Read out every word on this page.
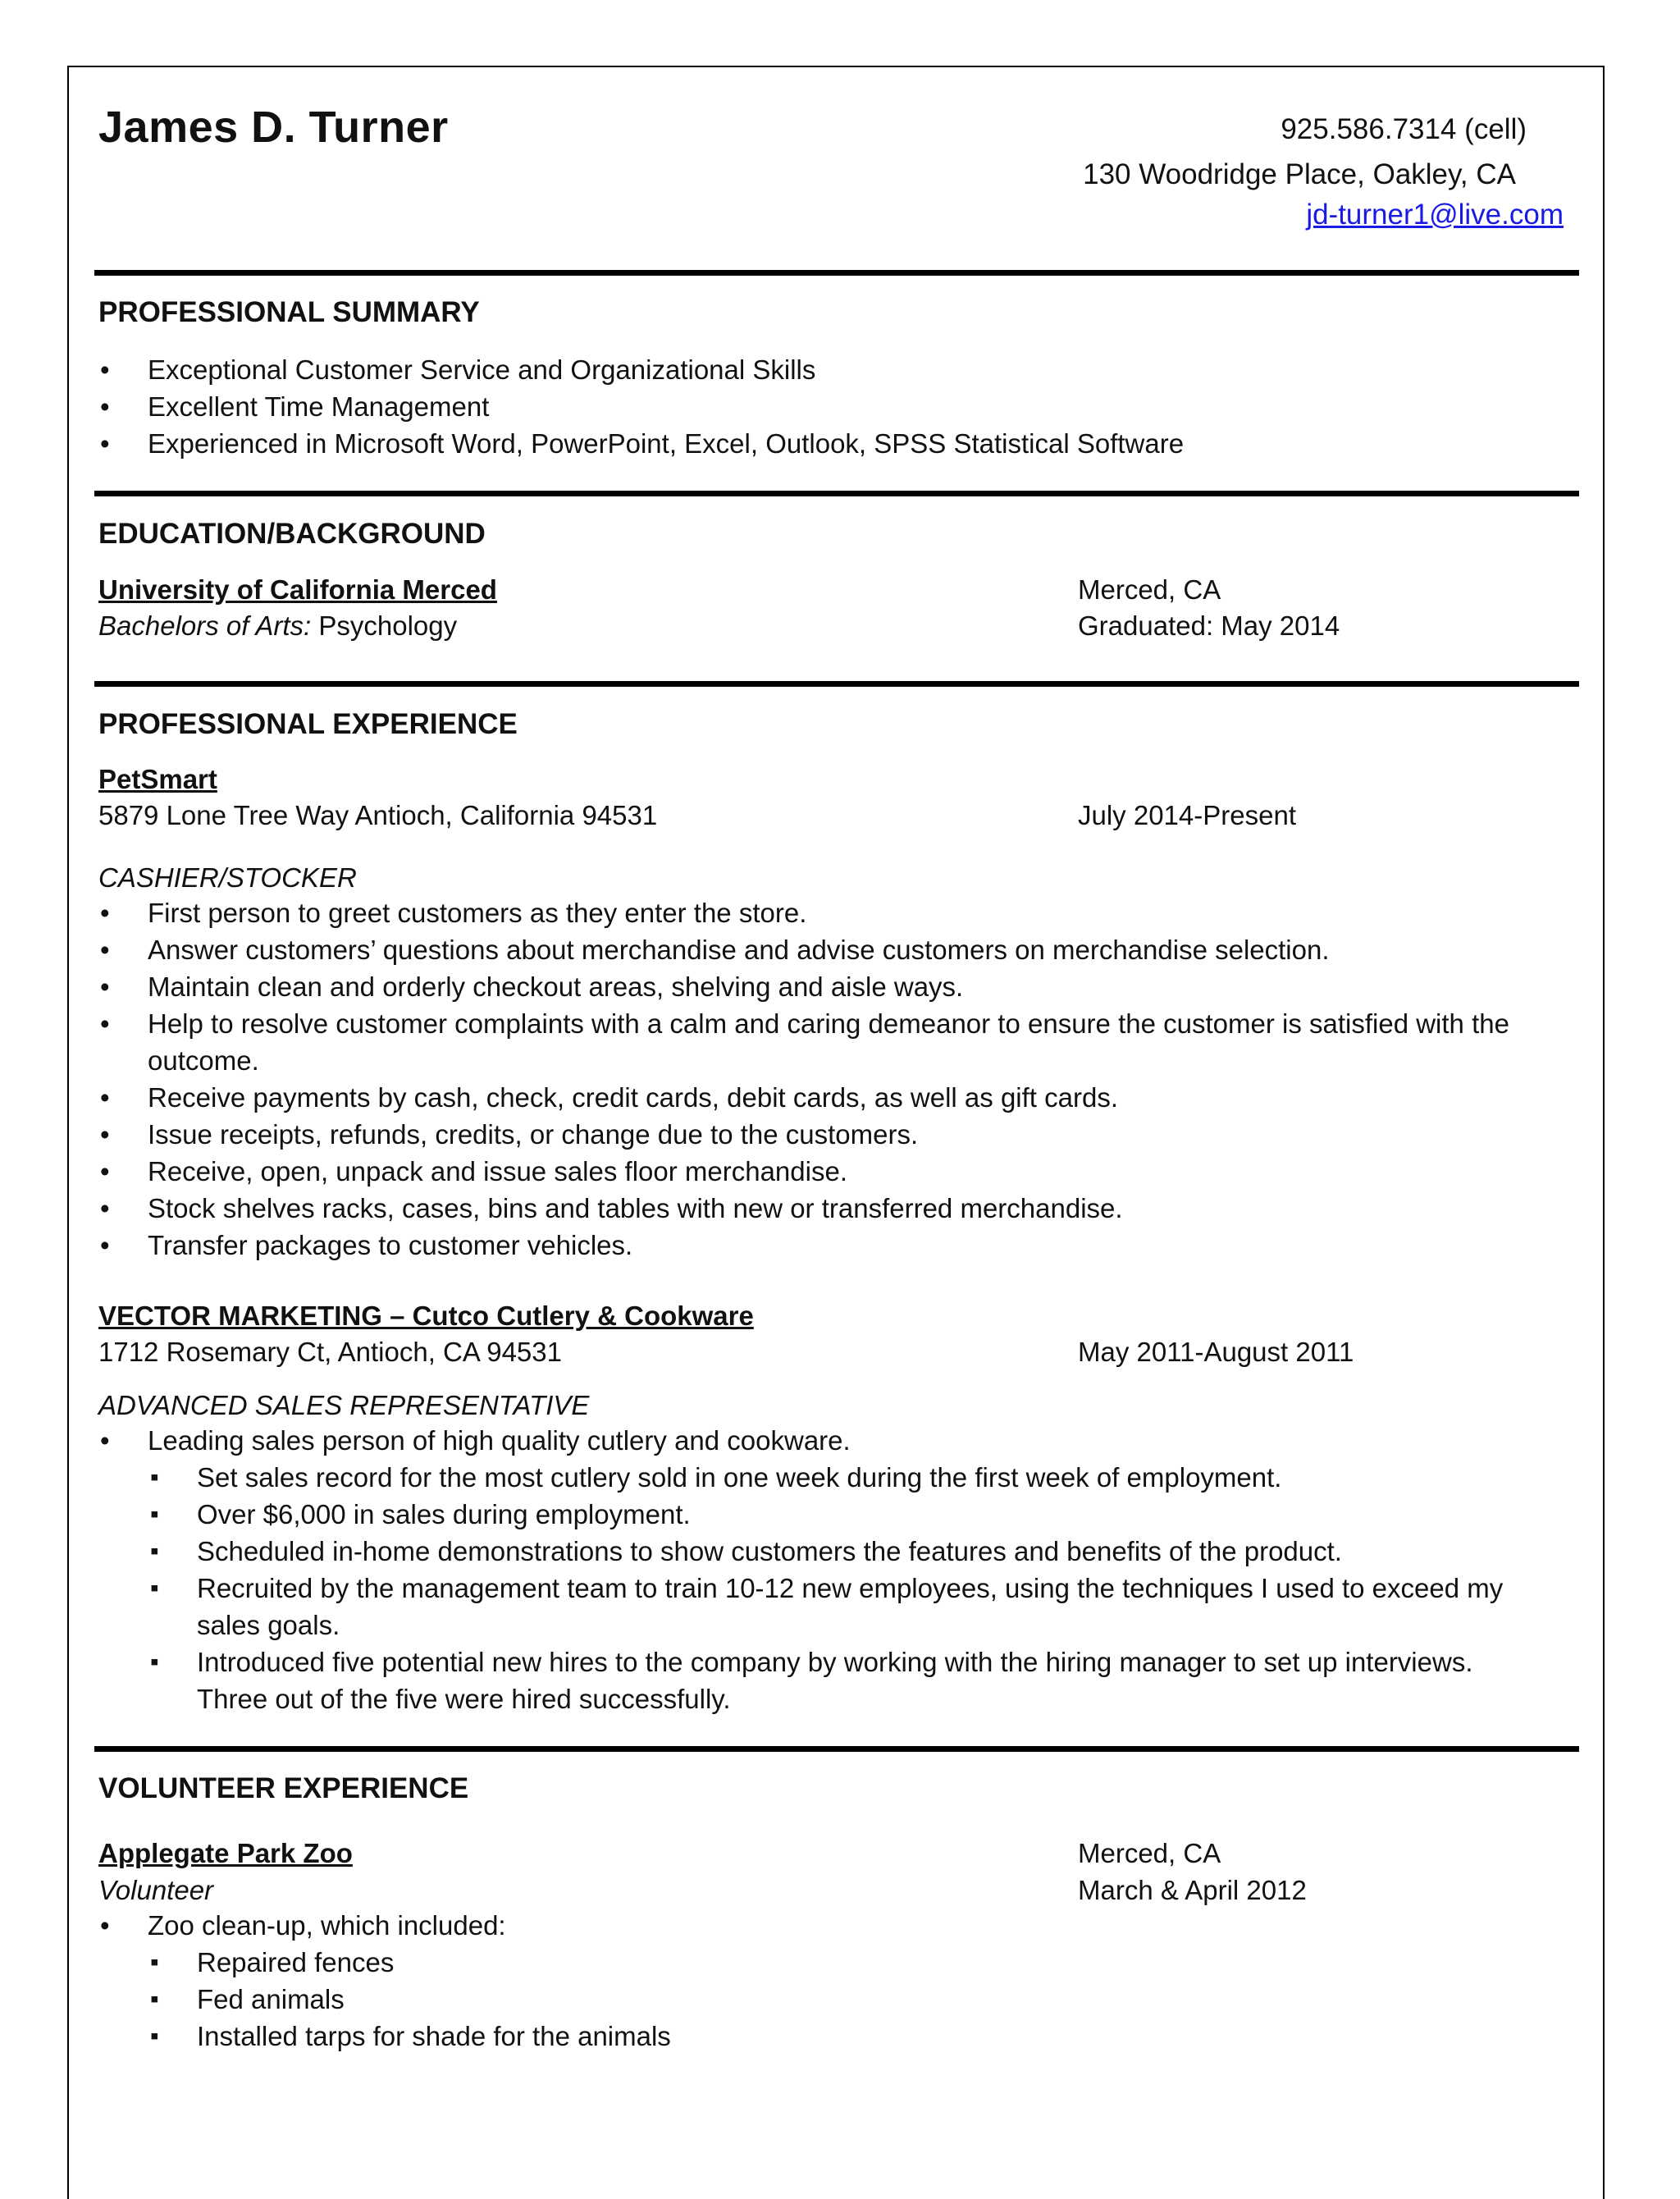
James D. Turner	925.586.7314 (cell)
130 Woodridge Place, Oakley, CA
jd-turner1@live.com
PROFESSIONAL SUMMARY
• Exceptional Customer Service and Organizational Skills
• Excellent Time Management
• Experienced in Microsoft Word, PowerPoint, Excel, Outlook, SPSS Statistical Software
EDUCATION/BACKGROUND
University of California Merced	Merced, CA
Bachelors of Arts: Psychology	Graduated: May 2014
PROFESSIONAL EXPERIENCE
PetSmart
5879 Lone Tree Way Antioch, California 94531	July 2014-Present
CASHIER/STOCKER
• First person to greet customers as they enter the store.
• Answer customers’ questions about merchandise and advise customers on merchandise selection.
• Maintain clean and orderly checkout areas, shelving and aisle ways.
• Help to resolve customer complaints with a calm and caring demeanor to ensure the customer is satisfied with the outcome.
• Receive payments by cash, check, credit cards, debit cards, as well as gift cards.
• Issue receipts, refunds, credits, or change due to the customers.
• Receive, open, unpack and issue sales floor merchandise.
• Stock shelves racks, cases, bins and tables with new or transferred merchandise.
• Transfer packages to customer vehicles.
VECTOR MARKETING – Cutco Cutlery & Cookware
1712 Rosemary Ct, Antioch, CA 94531	May 2011-August 2011
ADVANCED SALES REPRESENTATIVE
• Leading sales person of high quality cutlery and cookware.
▪ Set sales record for the most cutlery sold in one week during the first week of employment.
▪ Over $6,000 in sales during employment.
▪ Scheduled in-home demonstrations to show customers the features and benefits of the product.
▪ Recruited by the management team to train 10-12 new employees, using the techniques I used to exceed my sales goals.
▪ Introduced five potential new hires to the company by working with the hiring manager to set up interviews. Three out of the five were hired successfully.
VOLUNTEER EXPERIENCE
Applegate Park Zoo	Merced, CA
Volunteer	March & April 2012
• Zoo clean-up, which included:
▪ Repaired fences
▪ Fed animals
▪ Installed tarps for shade for the animals
